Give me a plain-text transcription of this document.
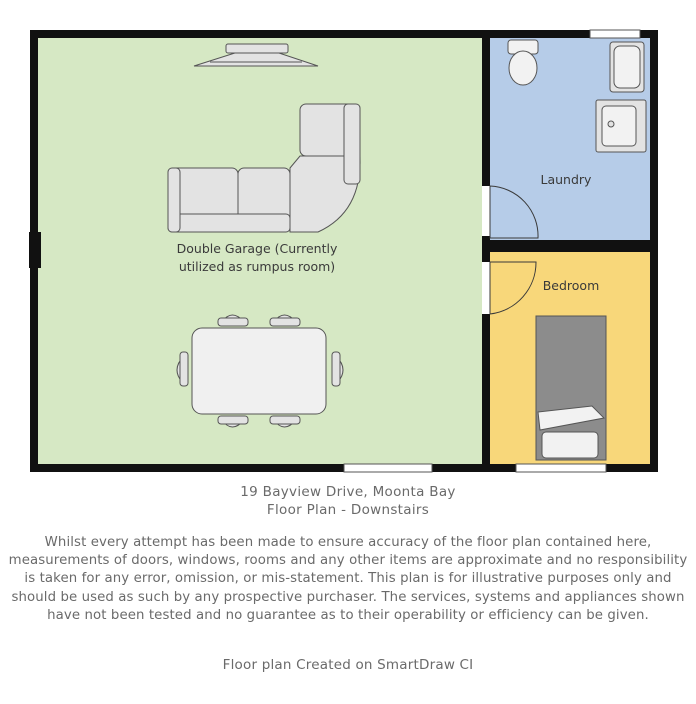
Double Garage (Currently
utilized as rumpus room)
Laundry
Bedroom
19 Bayview Drive, Moonta Bay
Floor Plan - Downstairs
Whilst every attempt has been made to ensure accuracy of the floor plan contained here, measurements of doors, windows, rooms and any other items are approximate and no responsibility is taken for any error, omission, or mis-statement. This plan is for illustrative purposes only and should be used as such by any prospective purchaser. The services, systems and appliances shown have not been tested and no guarantee as to their operability or efficiency can be given.
Floor plan Created on SmartDraw CI
